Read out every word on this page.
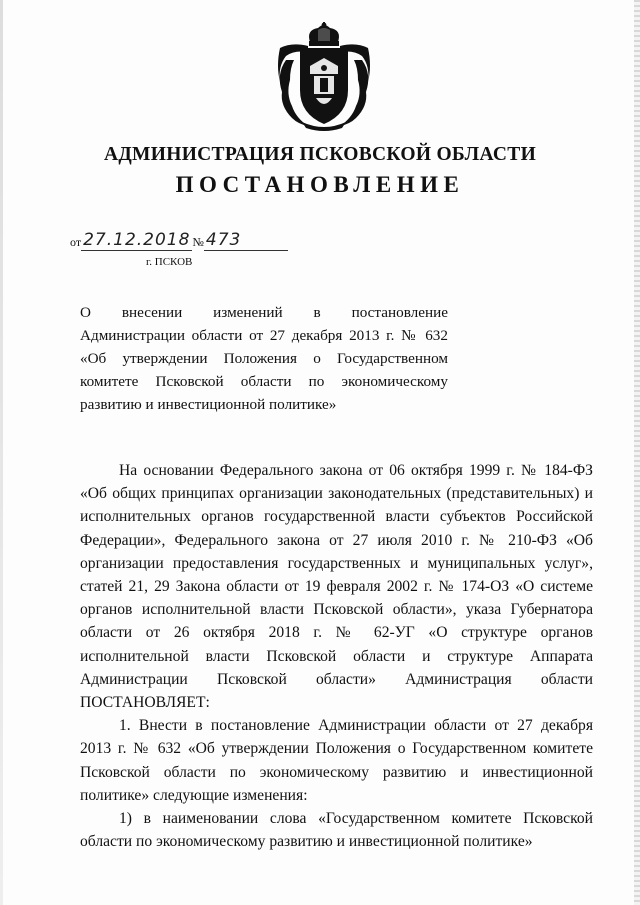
АДМИНИСТРАЦИЯ ПСКОВСКОЙ ОБЛАСТИ
ПОСТАНОВЛЕНИЕ
от 27.12.2018 № 473
г. ПСКОВ
О внесении изменений в постановление Администрации области от 27 декабря 2013 г. № 632 «Об утверждении Положения о Государственном комитете Псковской области по экономическому развитию и инвестиционной политике»

На основании Федерального закона от 06 октября 1999 г. № 184-ФЗ «Об общих принципах организации законодательных (представительных) и исполнительных органов государственной власти субъектов Российской Федерации», Федерального закона от 27 июля 2010 г. № 210-ФЗ «Об организации предоставления государственных и муниципальных услуг», статей 21, 29 Закона области от 19 февраля 2002 г. № 174-ОЗ «О системе органов исполнительной власти Псковской области», указа Губернатора области от 26 октября 2018 г. № 62-УГ «О структуре органов исполнительной власти Псковской области и структуре Аппарата Администрации Псковской области» Администрация области ПОСТАНОВЛЯЕТ:

1. Внести в постановление Администрации области от 27 декабря 2013 г. № 632 «Об утверждении Положения о Государственном комитете Псковской области по экономическому развитию и инвестиционной политике» следующие изменения:

1) в наименовании слова «Государственном комитете Псковской области по экономическому развитию и инвестиционной политике»
